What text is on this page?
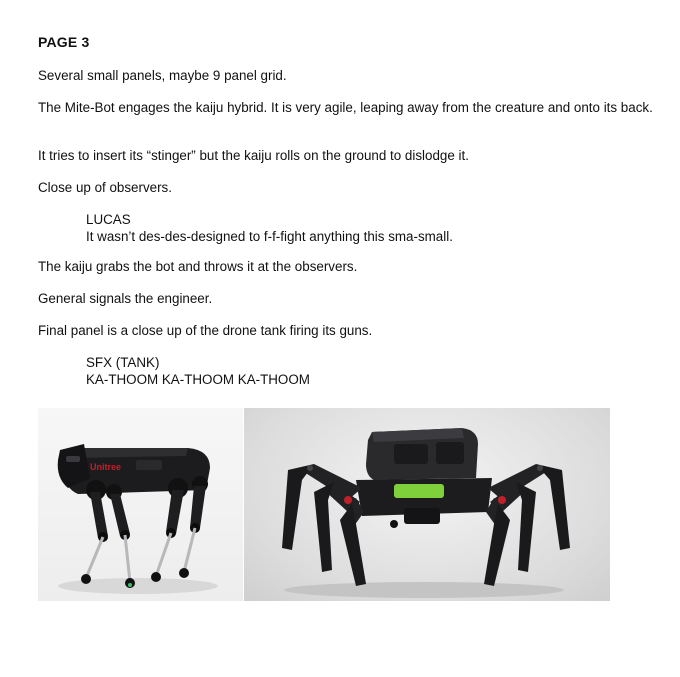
PAGE 3

Several small panels, maybe 9 panel grid.

The Mite-Bot engages the kaiju hybrid. It is very agile, leaping away from the creature and onto its back.

It tries to insert its “stinger” but the kaiju rolls on the ground to dislodge it.

Close up of observers.

LUCAS
It wasn’t des-des-designed to f-f-fight anything this sma-small.

The kaiju grabs the bot and throws it at the observers.

General signals the engineer.

Final panel is a close up of the drone tank firing its guns.

SFX (TANK)
KA-THOOM KA-THOOM KA-THOOM
Unitree
